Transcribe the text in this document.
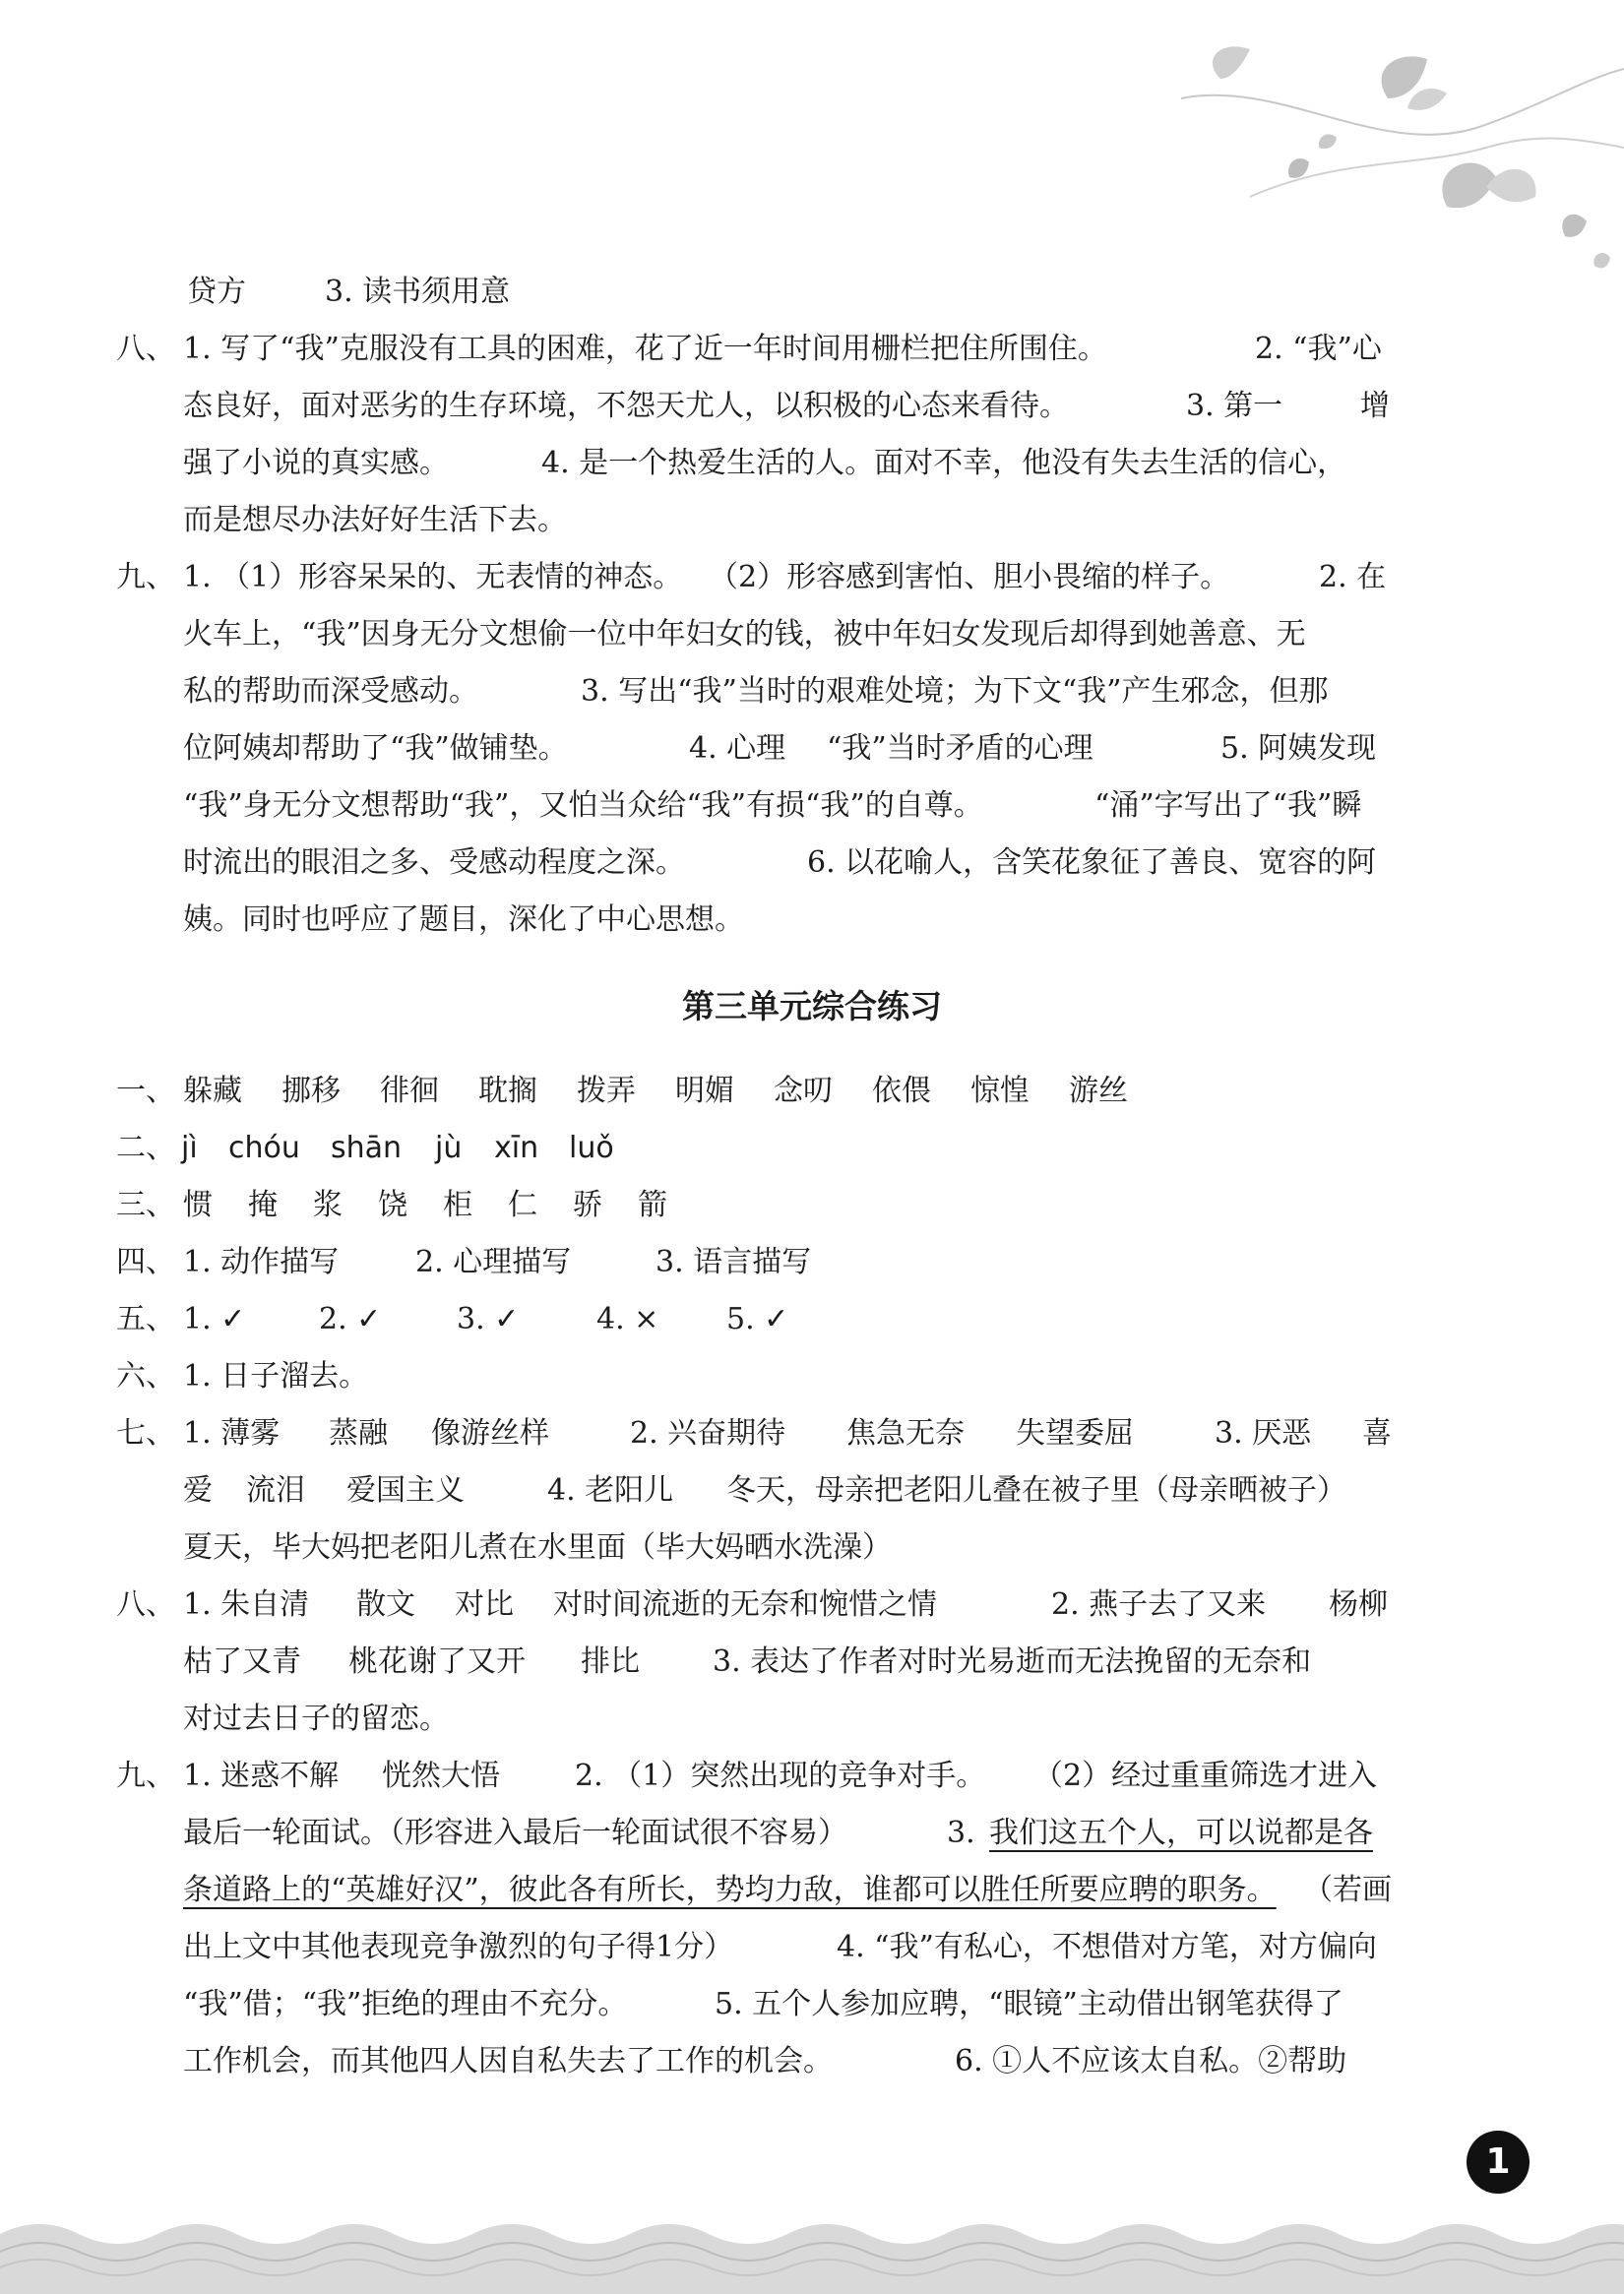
贷方	3. 读书须用意
八、 1. 写了“我”克服没有工具的困难，花了近一年时间用栅栏把住所围住。	2. “我”心
态良好，面对恶劣的生存环境，不怨天尤人，以积极的心态来看待。	3. 第一	增
强了小说的真实感。	4. 是一个热爱生活的人。面对不幸，他没有失去生活的信心，
而是想尽办法好好生活下去。
九、 1. （1）形容呆呆的、无表情的神态。 （2）形容感到害怕、胆小畏缩的样子。	2. 在
火车上，“我”因身无分文想偷一位中年妇女的钱，被中年妇女发现后却得到她善意、无
私的帮助而深受感动。	3. 写出“我”当时的艰难处境；为下文“我”产生邪念，但那
位阿姨却帮助了“我”做铺垫。	4. 心理 “我”当时矛盾的心理	5. 阿姨发现
“我”身无分文想帮助“我”，又怕当众给“我”有损“我”的自尊。	“涌”字写出了“我”瞬
时流出的眼泪之多、受感动程度之深。	6. 以花喻人，含笑花象征了善良、宽容的阿
姨。同时也呼应了题目，深化了中心思想。
第三单元综合练习
一、 躲藏 挪移 徘徊 耽搁 拨弄 明媚 念叨 依偎 惊惶 游丝
二、 jì chóu shān jù xīn luǒ
三、 惯 掩 浆 饶 柜 仁 骄 箭
四、 1. 动作描写	2. 心理描写	3. 语言描写
五、 1. ✓ 2. ✓	3. ✓	4. × 5. ✓
六、 1. 日子溜去。
七、 1. 薄雾 蒸融 像游丝样	2. 兴奋期待 焦急无奈 失望委屈	3. 厌恶 喜
爱 流泪 爱国主义	4. 老阳儿 冬天，母亲把老阳儿叠在被子里（母亲晒被子）
夏天，毕大妈把老阳儿煮在水里面（毕大妈晒水洗澡）
八、 1. 朱自清 散文 对比 对时间流逝的无奈和惋惜之情	2. 燕子去了又来 杨柳
枯了又青 桃花谢了又开 排比 3. 表达了作者对时光易逝而无法挽留的无奈和
对过去日子的留恋。
九、 1. 迷惑不解 恍然大悟	2. （1）突然出现的竞争对手。 （2）经过重重筛选才进入
最后一轮面试。（形容进入最后一轮面试很不容易）	3. 我们这五个人，可以说都是各
条道路上的“英雄好汉”，彼此各有所长，势均力敌，谁都可以胜任所要应聘的职务。 （若画
出上文中其他表现竞争激烈的句子得1分）	4. “我”有私心，不想借对方笔，对方偏向
“我”借；“我”拒绝的理由不充分。	5. 五个人参加应聘，“眼镜”主动借出钢笔获得了
工作机会，而其他四人因自私失去了工作的机会。	6. ①人不应该太自私。②帮助
1
